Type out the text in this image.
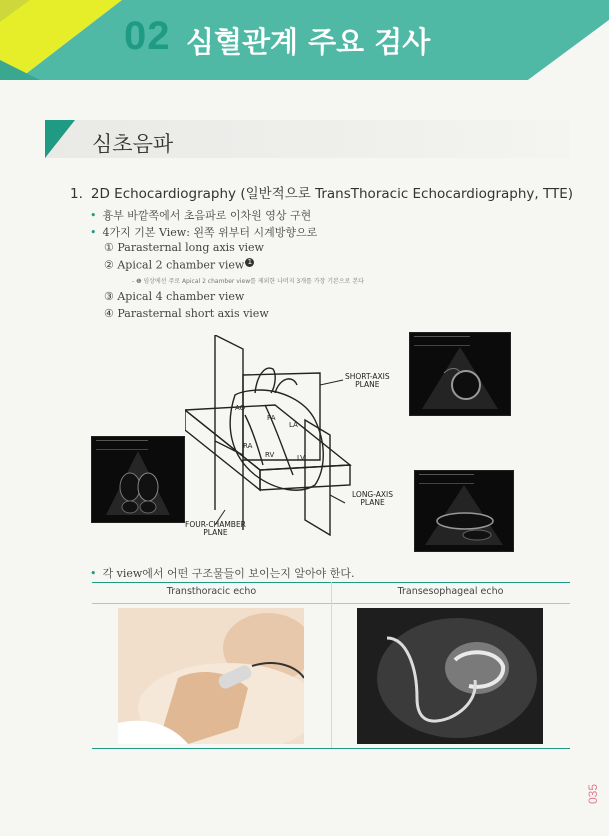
02 심혈관계 주요 검사
심초음파
1. 2D Echocardiography (일반적으로 TransThoracic Echocardiography, TTE)
• 흉부 바깥쪽에서 초음파로 이차원 영상 구현
• 4가지 기본 View: 왼쪽 위부터 시계방향으로
① Parasternal long axis view
② Apical 2 chamber view 1
- ❶ 임상에선 주로 Apical 2 chamber view를 제외한 나머지 3개를 가장 기본으로 본다
③ Apical 4 chamber view
④ Parasternal short axis view
AO
PA
LA
RA
RV	LV
SHORT-AXIS
PLANE
LONG-AXIS
PLANE
FOUR-CHAMBER
PLANE
• 각 view에서 어떤 구조물들이 보이는지 알아야 한다.
Transthoracic echo	Transesophageal echo
035
